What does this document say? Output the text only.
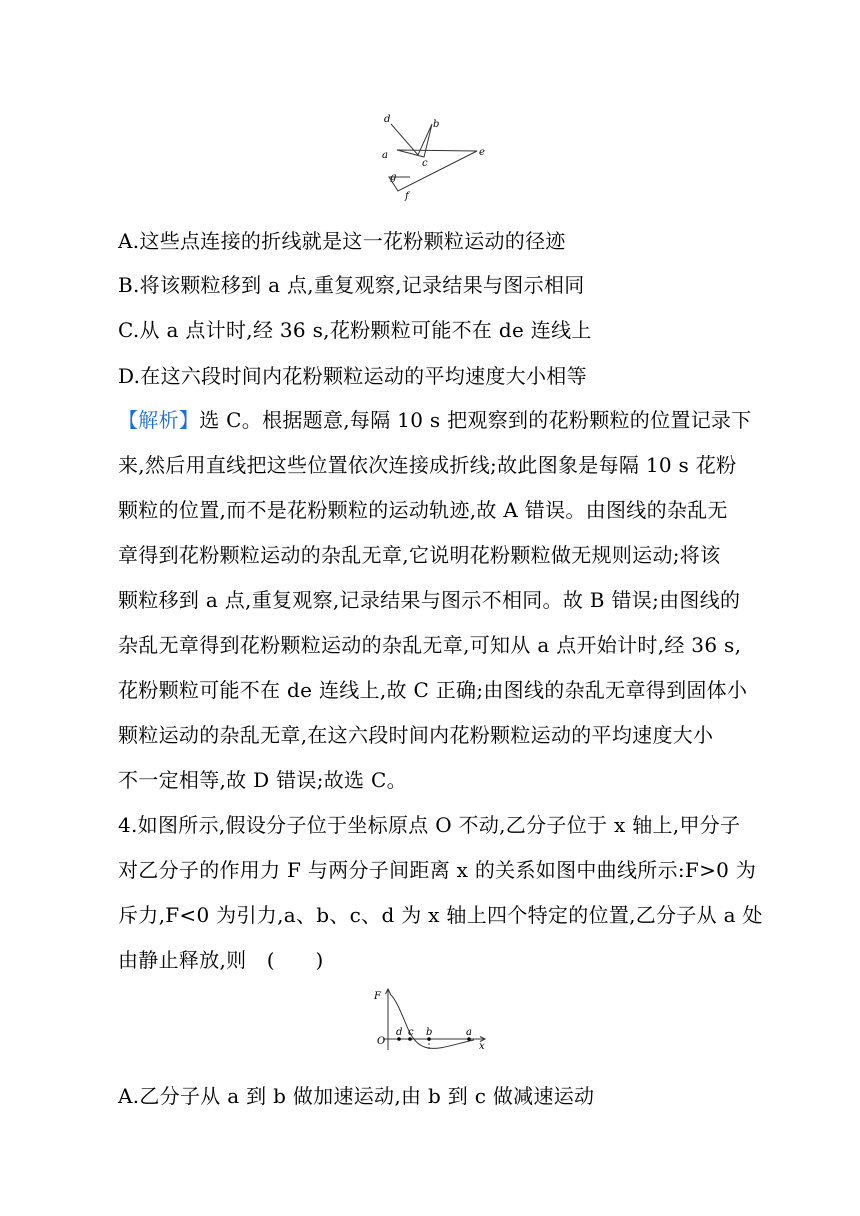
d	b
a
c
e
g
f
A.这些点连接的折线就是这一花粉颗粒运动的径迹
B.将该颗粒移到 a 点,重复观察,记录结果与图示相同
C.从 a 点计时,经 36 s,花粉颗粒可能不在 de 连线上
D.在这六段时间内花粉颗粒运动的平均速度大小相等
【解析】选 C。根据题意,每隔 10 s 把观察到的花粉颗粒的位置记录下
来,然后用直线把这些位置依次连接成折线;故此图象是每隔 10 s 花粉
颗粒的位置,而不是花粉颗粒的运动轨迹,故 A 错误。由图线的杂乱无
章得到花粉颗粒运动的杂乱无章,它说明花粉颗粒做无规则运动;将该
颗粒移到 a 点,重复观察,记录结果与图示不相同。故 B 错误;由图线的
杂乱无章得到花粉颗粒运动的杂乱无章,可知从 a 点开始计时,经 36 s,
花粉颗粒可能不在 de 连线上,故 C 正确;由图线的杂乱无章得到固体小
颗粒运动的杂乱无章,在这六段时间内花粉颗粒运动的平均速度大小
不一定相等,故 D 错误;故选 C。
4.如图所示,假设分子位于坐标原点 O 不动,乙分子位于 x 轴上,甲分子
对乙分子的作用力 F 与两分子间距离 x 的关系如图中曲线所示:F>0 为
斥力,F<0 为引力,a、b、c、d 为 x 轴上四个特定的位置,乙分子从 a 处
由静止释放,则　(　　)
F
O	x
d c b	a
A.乙分子从 a 到 b 做加速运动,由 b 到 c 做减速运动
